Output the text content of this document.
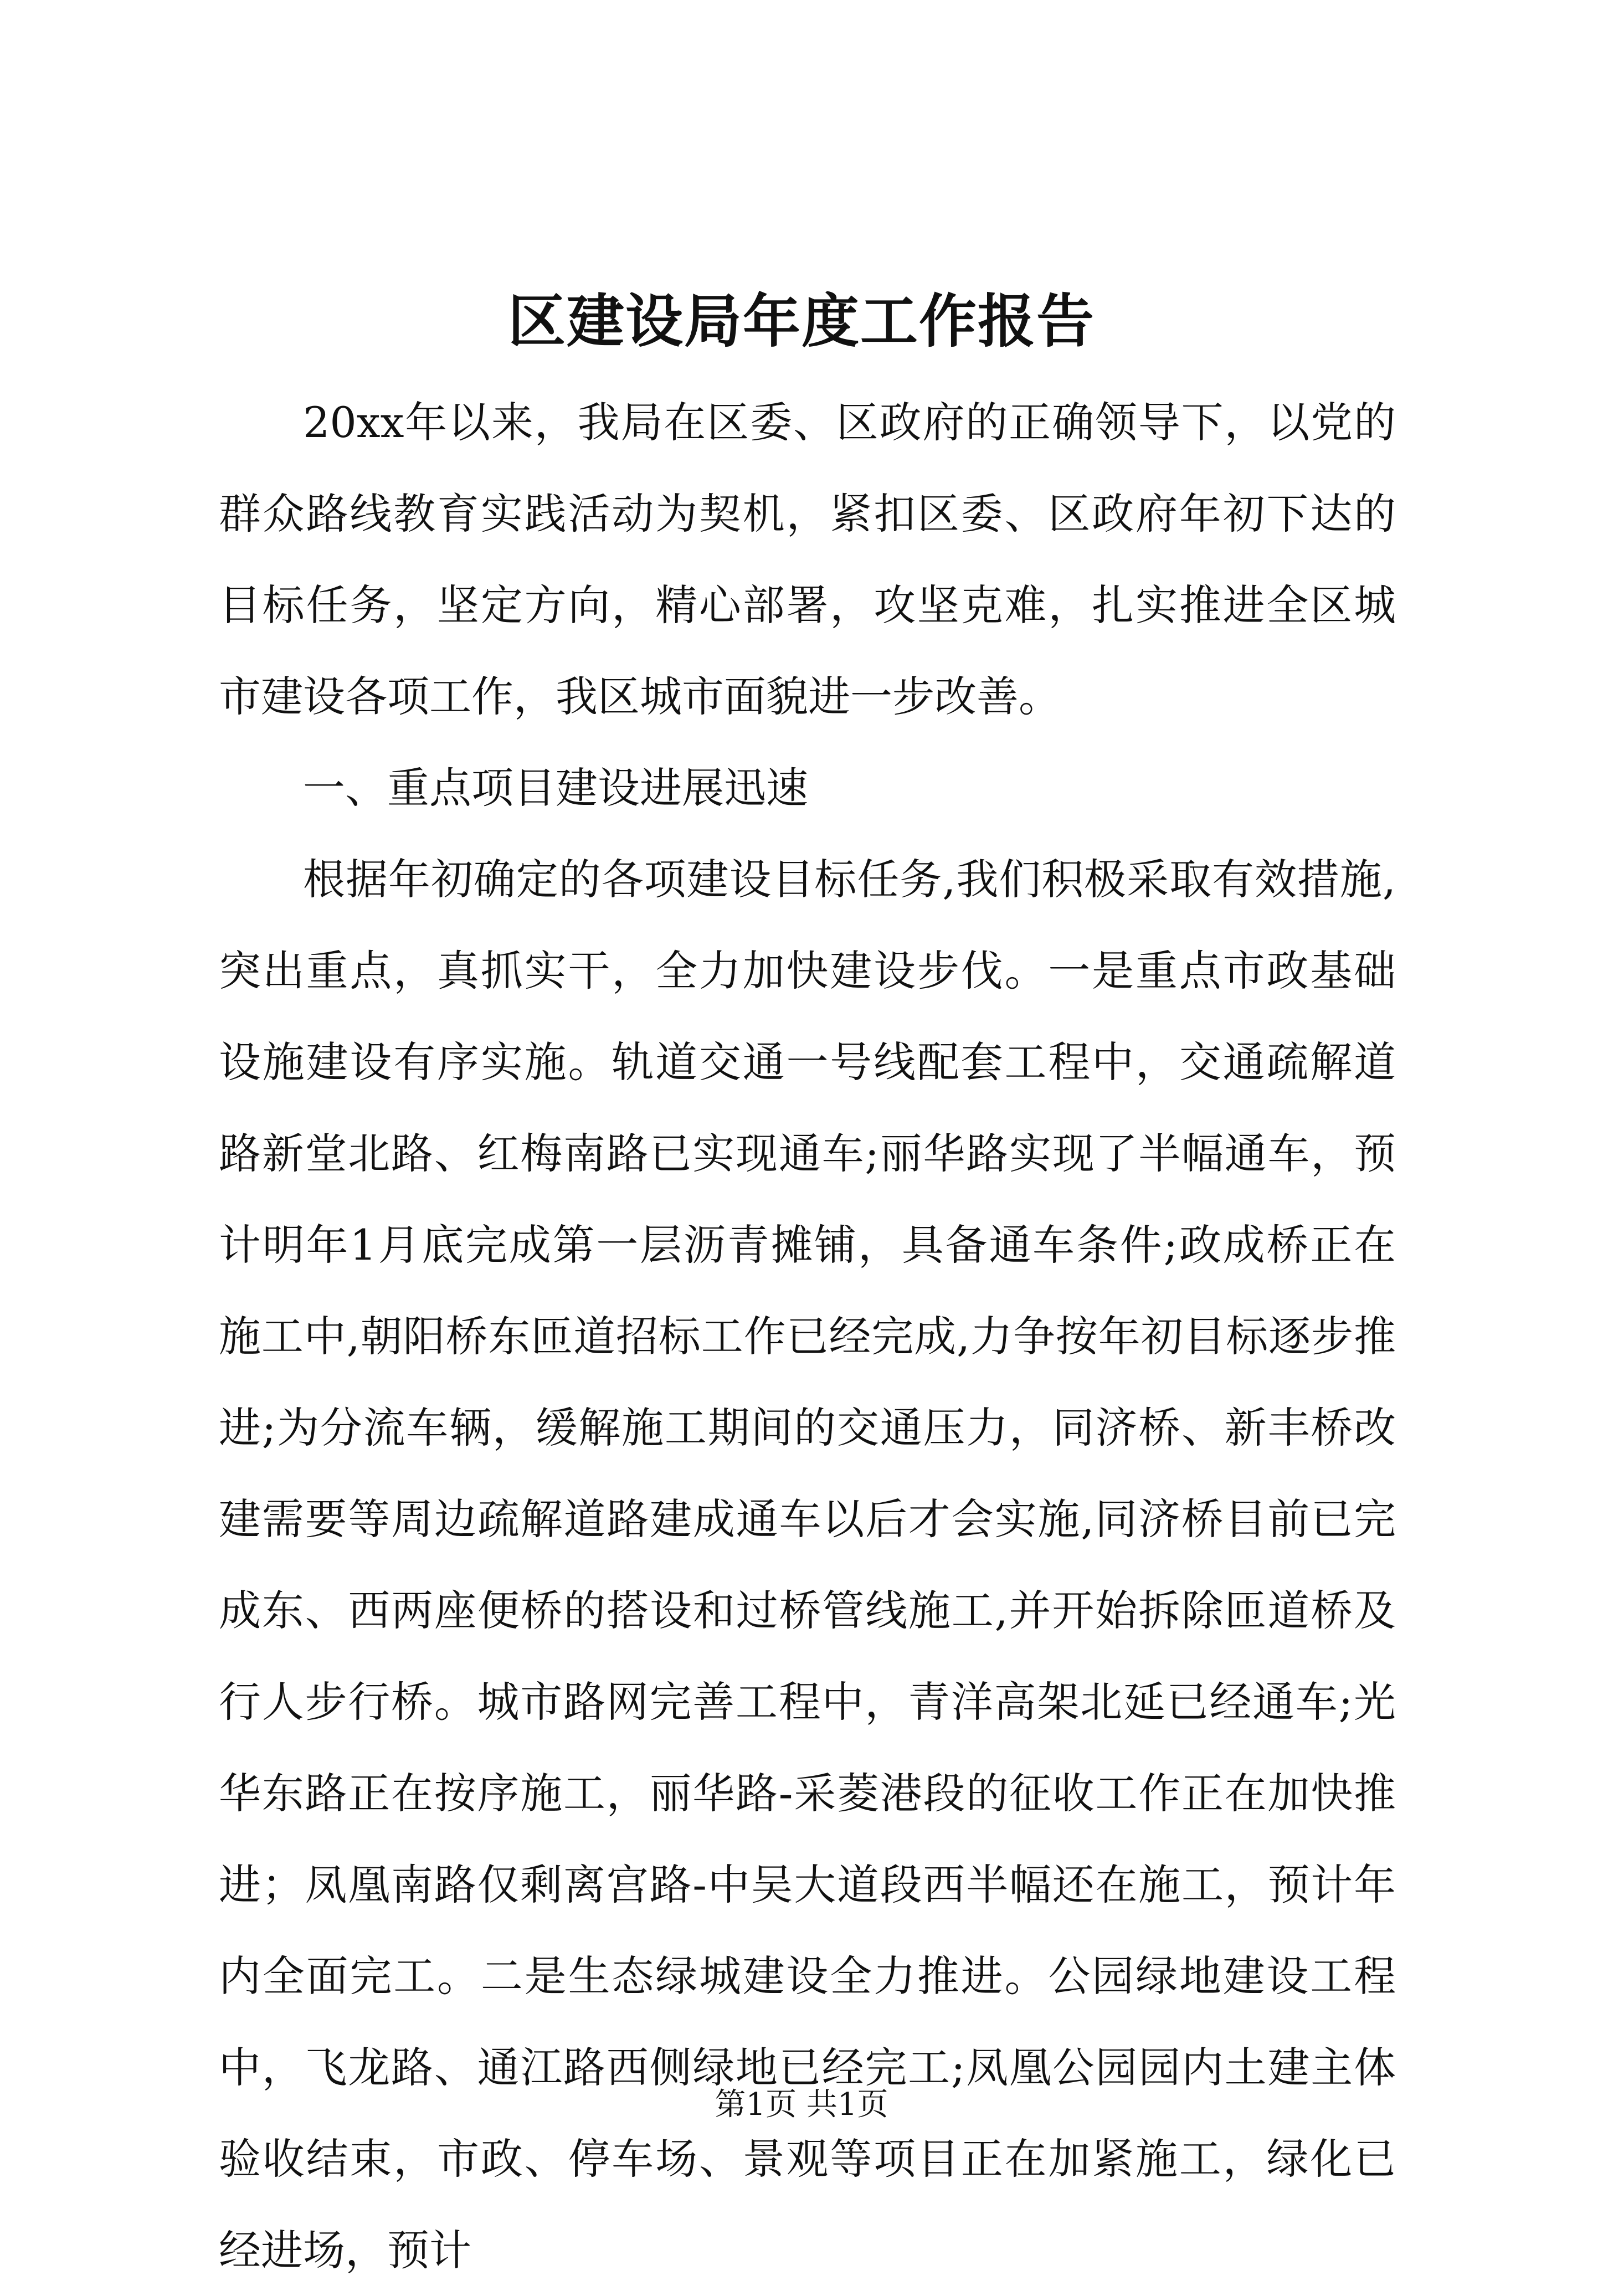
区建设局年度工作报告

20xx年以来，我局在区委、区政府的正确领导下，以党的群众路线教育实践活动为契机，紧扣区委、区政府年初下达的目标任务，坚定方向，精心部署，攻坚克难，扎实推进全区城市建设各项工作，我区城市面貌进一步改善。

一、重点项目建设进展迅速

根据年初确定的各项建设目标任务,我们积极采取有效措施,突出重点，真抓实干，全力加快建设步伐。一是重点市政基础设施建设有序实施。轨道交通一号线配套工程中，交通疏解道路新堂北路、红梅南路已实现通车;丽华路实现了半幅通车，预计明年1月底完成第一层沥青摊铺，具备通车条件;政成桥正在施工中,朝阳桥东匝道招标工作已经完成,力争按年初目标逐步推进;为分流车辆，缓解施工期间的交通压力，同济桥、新丰桥改建需要等周边疏解道路建成通车以后才会实施,同济桥目前已完成东、西两座便桥的搭设和过桥管线施工,并开始拆除匝道桥及行人步行桥。城市路网完善工程中，青洋高架北延已经通车;光华东路正在按序施工，丽华路-采菱港段的征收工作正在加快推进；凤凰南路仅剩离宫路-中吴大道段西半幅还在施工，预计年内全面完工。二是生态绿城建设全力推进。公园绿地建设工程中，飞龙路、通江路西侧绿地已经完工;凤凰公园园内土建主体验收结束，市政、停车场、景观等项目正在加紧施工，绿化已经进场，预计

第1页 共1页
